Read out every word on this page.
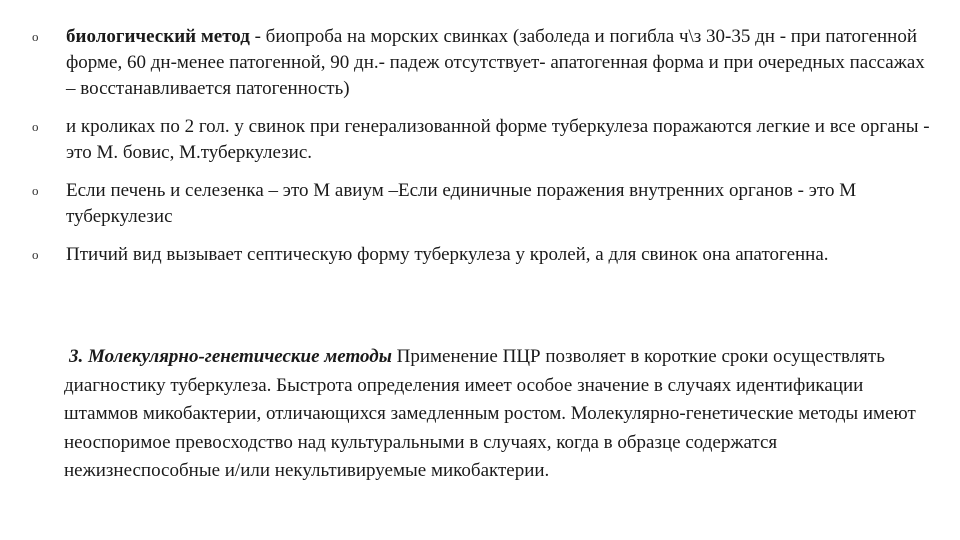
o биологический метод - биопроба на морских свинках (заболеда и погибла ч\з 30-35 дн - при патогенной форме, 60 дн-менее патогенной, 90 дн.- падеж отсутствует- апатогенная форма и при очередных пассажах – восстанавливается патогенность)
o и кроликах по 2 гол. у свинок при генерализованной форме туберкулеза поражаются легкие и все органы - это М. бовис, М.туберкулезис.
o Если печень и селезенка – это М авиум –Если единичные поражения внутренних органов - это М туберкулезис
o Птичий вид вызывает септическую форму туберкулеза у кролей, а для свинок она апатогенна.

3. Молекулярно-генетические методы Применение ПЦР позволяет в короткие сроки осуществлять диагностику туберкулеза. Быстрота определения имеет особое значение в случаях идентификации штаммов микобактерии, отличающихся замедленным ростом. Молекулярно-генетические методы имеют неоспоримое превосходство над культуральными в случаях, когда в образце содержатся нежизнеспособные и/или некультивируемые микобактерии.
